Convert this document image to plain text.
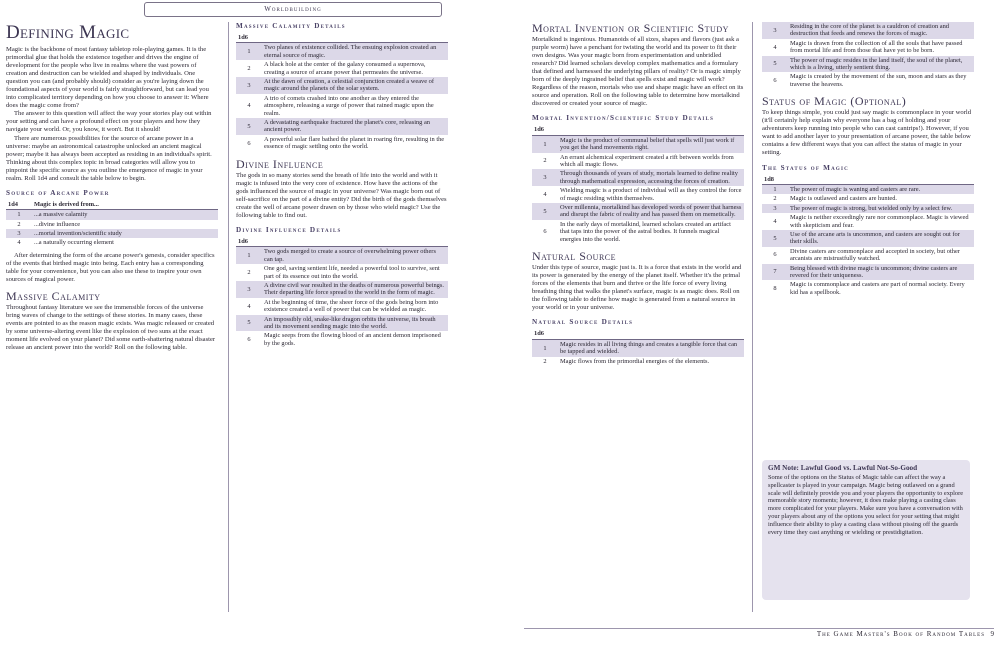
Worldbuilding
Defining Magic

Magic is the backbone of most fantasy tabletop role-playing games. It is the primordial glue that holds the existence together and drives the engine of development for the people who live in realms where the vast powers of creation and destruction can be wielded and shaped by individuals. One question you can (and probably should) consider as you're laying down the foundational aspects of your world is fairly straightforward, but can lead you into complicated territory depending on how you choose to answer it: Where does the magic come from?

The answer to this question will affect the way your stories play out within your setting and can have a profound effect on your players and how they navigate your world. Or, you know, it won't. But it should!

There are numerous possibilities for the source of arcane power in a universe: maybe an astronomical catastrophe unlocked an ancient magical power; maybe it has always been accepted as residing in an individual's spirit. Thinking about this complex topic in broad categories will allow you to pinpoint the specific source as you outline the emergence of magic in your realm. Roll 1d4 and consult the table below to begin.

Source of Arcane Power
1d4	Magic is derived from...
1	...a massive calamity
2	...divine influence
3	...mortal invention/scientific study
4	...a naturally occurring element

After determining the form of the arcane power's genesis, consider specifics of the events that birthed magic into being. Each entry has a corresponding table for your convenience, but you can also use these to inspire your own sources of magical power.

Massive Calamity

Throughout fantasy literature we see the immensible forces of the universe bring waves of change to the settings of these stories. In many cases, these events are pointed to as the reason magic exists. Was magic released or created by some universe-altering event like the explosion of two suns at the exact moment life evolved on your planet? Did some earth-shattering natural disaster release an ancient power into the world? Roll on the following table.

Massive Calamity Details
1d6	
1	Two planes of existence collided. The ensuing explosion created an eternal source of magic.
2	A black hole at the center of the galaxy consumed a supernova, creating a source of arcane power that permeates the universe.
3	At the dawn of creation, a celestial conjunction created a weave of magic around the planets of the solar system.
4	A trio of comets crashed into one another as they entered the atmosphere, releasing a surge of power that rained magic upon the realm.
5	A devastating earthquake fractured the planet's core, releasing an ancient power.
6	A powerful solar flare bathed the planet in roaring fire, resulting in the essence of magic settling onto the world.
Divine Influence

The gods in so many stories send the breath of life into the world and with it magic is infused into the very core of existence. How have the actions of the gods influenced the source of magic in your universe? Was magic born out of self-sacrifice on the part of a divine entity? Did the birth of the gods themselves create the well of arcane power drawn on by those who wield magic? Use the following table to find out.

Divine Influence Details
1d6	
1	Two gods merged to create a source of overwhelming power others can tap.
2	One god, saving sentient life, needed a powerful tool to survive, sent part of its essence out into the world.
3	A divine civil war resulted in the deaths of numerous powerful beings. Their departing life force spread to the world in the form of magic.
4	At the beginning of time, the sheer force of the gods being born into existence created a well of power that can be wielded as magic.
5	An impossibly old, snake-like dragon orbits the universe, its breath and its movement sending magic into the world.
6	Magic seeps from the flowing blood of an ancient demon imprisoned by the gods.
Mortal Invention or Scientific Study

Mortalkind is ingenious. Humanoids of all sizes, shapes and flavors (just ask a purple worm) have a penchant for twisting the world and its power to fit their own designs. Was your magic born from experimentation and unbridled research? Did learned scholars develop complex mathematics and a formulary that defined and harnessed the underlying pillars of reality? Or is magic simply born of the deeply ingrained belief that spells exist and magic will work? Regardless of the reason, mortals who use and shape magic have an effect on its source and operation. Roll on the following table to determine how mortalkind discovered or created your source of magic.

Mortal Invention/Scientific Study Details
1d6	
1	Magic is the product of communal belief that spells will just work if you get the hand movements right.
2	An errant alchemical experiment created a rift between worlds from which all magic flows.
3	Through thousands of years of study, mortals learned to define reality through mathematical expression, accessing the forces of creation.
4	Wielding magic is a product of individual will as they control the force of magic residing within themselves.
5	Over millennia, mortalkind has developed words of power that harness and disrupt the fabric of reality and has passed them on memetically.
6	In the early days of mortalkind, learned scholars created an artifact that taps into the power of the astral bodies. It funnels magical energies into the world.
Natural Source

Under this type of source, magic just is. It is a force that exists in the world and its power is generated by the energy of the planet itself. Whether it's the primal forces of the elements that burn and thrive or the life force of every living breathing thing that walks the planet's surface, magic is as magic does. Roll on the following table to define how magic is generated from a natural source in your world or in your universe.

Natural Source Details
1d6	
1	Magic resides in all living things and creates a tangible force that can be tapped and wielded.
2	Magic flows from the primordial energies of the elements.
3	Residing in the core of the planet is a cauldron of creation and destruction that feeds and renews the forces of magic.
4	Magic is drawn from the collection of all the souls that have passed from mortal life and from those that have yet to be born.
5	The power of magic resides in the land itself, the soul of the planet, which is a living, utterly sentient thing.
6	Magic is created by the movement of the sun, moon and stars as they traverse the heavens.
Status of Magic (Optional)

To keep things simple, you could just say magic is commonplace in your world (it'll certainly help explain why everyone has a bag of holding and your adventurers keep running into people who can cast cantrips!). However, if you want to add another layer to your presentation of arcane power, the table below contains a few different ways that you can affect the status of magic in your setting.

The Status of Magic
1d8	
1	The power of magic is waning and casters are rare.
2	Magic is outlawed and casters are hunted.
3	The power of magic is strong, but wielded only by a select few.
4	Magic is neither exceedingly rare nor commonplace. Magic is viewed with skepticism and fear.
5	Use of the arcane arts is uncommon, and casters are sought out for their skills.
6	Divine casters are commonplace and accepted in society, but other arcanists are mistrustfully watched.
7	Being blessed with divine magic is uncommon; divine casters are revered for their uniqueness.
8	Magic is commonplace and casters are part of normal society. Every kid has a spellbook.
GM Note: Lawful Good vs. Lawful Not-So-Good
Some of the options on the Status of Magic table can affect the way a spellcaster is played in your campaign. Magic being outlawed on a grand scale will definitely provide you and your players the opportunity to explore memorable story moments; however, it does make playing a casting class more complicated for your players. Make sure you have a conversation with your players about any of the options you select for your setting that might influence their ability to play a casting class without pissing off the guards every time they cast anything or wielding or prestidigitation.
The Game Master's Book of Random Tables 9
